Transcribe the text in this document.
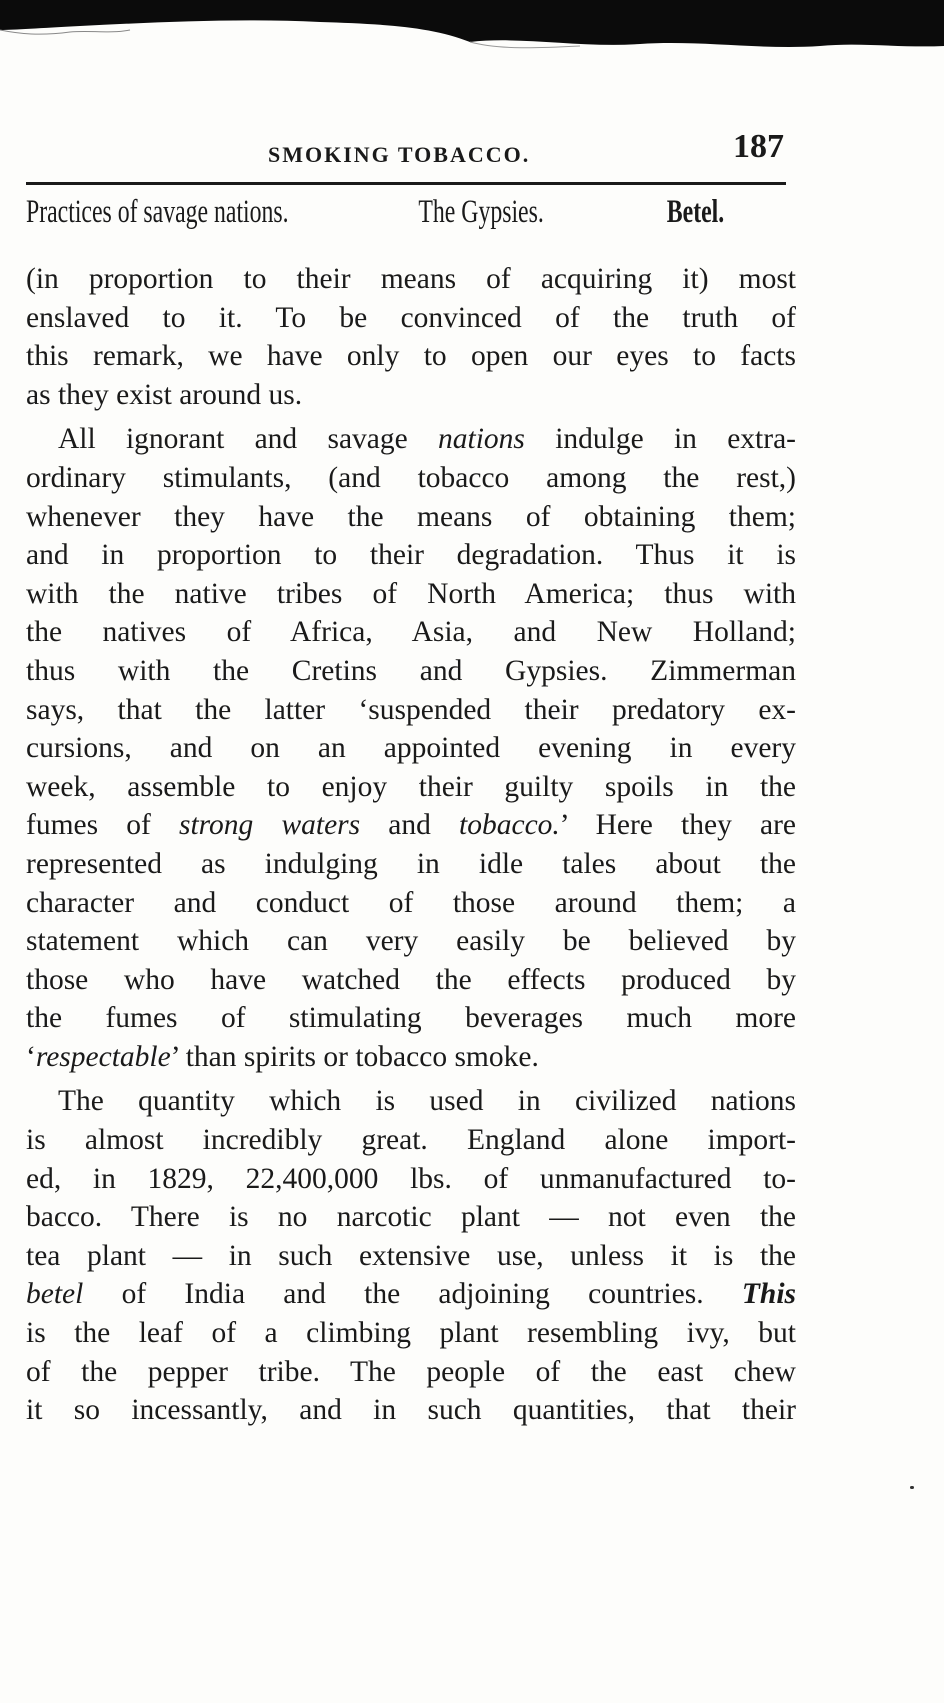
SMOKING TOBACCO.	187
Practices of savage nations.	The Gypsies.	Betel.
(in proportion to their means of acquiring it) most
enslaved to it. To be convinced of the truth of
this remark, we have only to open our eyes to facts
as they exist around us.
All ignorant and savage nations indulge in extra-
ordinary stimulants, (and tobacco among the rest,)
whenever they have the means of obtaining them;
and in proportion to their degradation. Thus it is
with the native tribes of North America; thus with
the natives of Africa, Asia, and New Holland;
thus with the Cretins and Gypsies. Zimmerman
says, that the latter ‘suspended their predatory ex-
cursions, and on an appointed evening in every
week, assemble to enjoy their guilty spoils in the
fumes of strong waters and tobacco.’ Here they are
represented as indulging in idle tales about the
character and conduct of those around them; a
statement which can very easily be believed by
those who have watched the effects produced by
the fumes of stimulating beverages much more
‘respectable’ than spirits or tobacco smoke.
The quantity which is used in civilized nations
is almost incredibly great. England alone import-
ed, in 1829, 22,400,000 lbs. of unmanufactured to-
bacco. There is no narcotic plant — not even the
tea plant — in such extensive use, unless it is the
betel of India and the adjoining countries. This
is the leaf of a climbing plant resembling ivy, but
of the pepper tribe. The people of the east chew
it so incessantly, and in such quantities, that their
